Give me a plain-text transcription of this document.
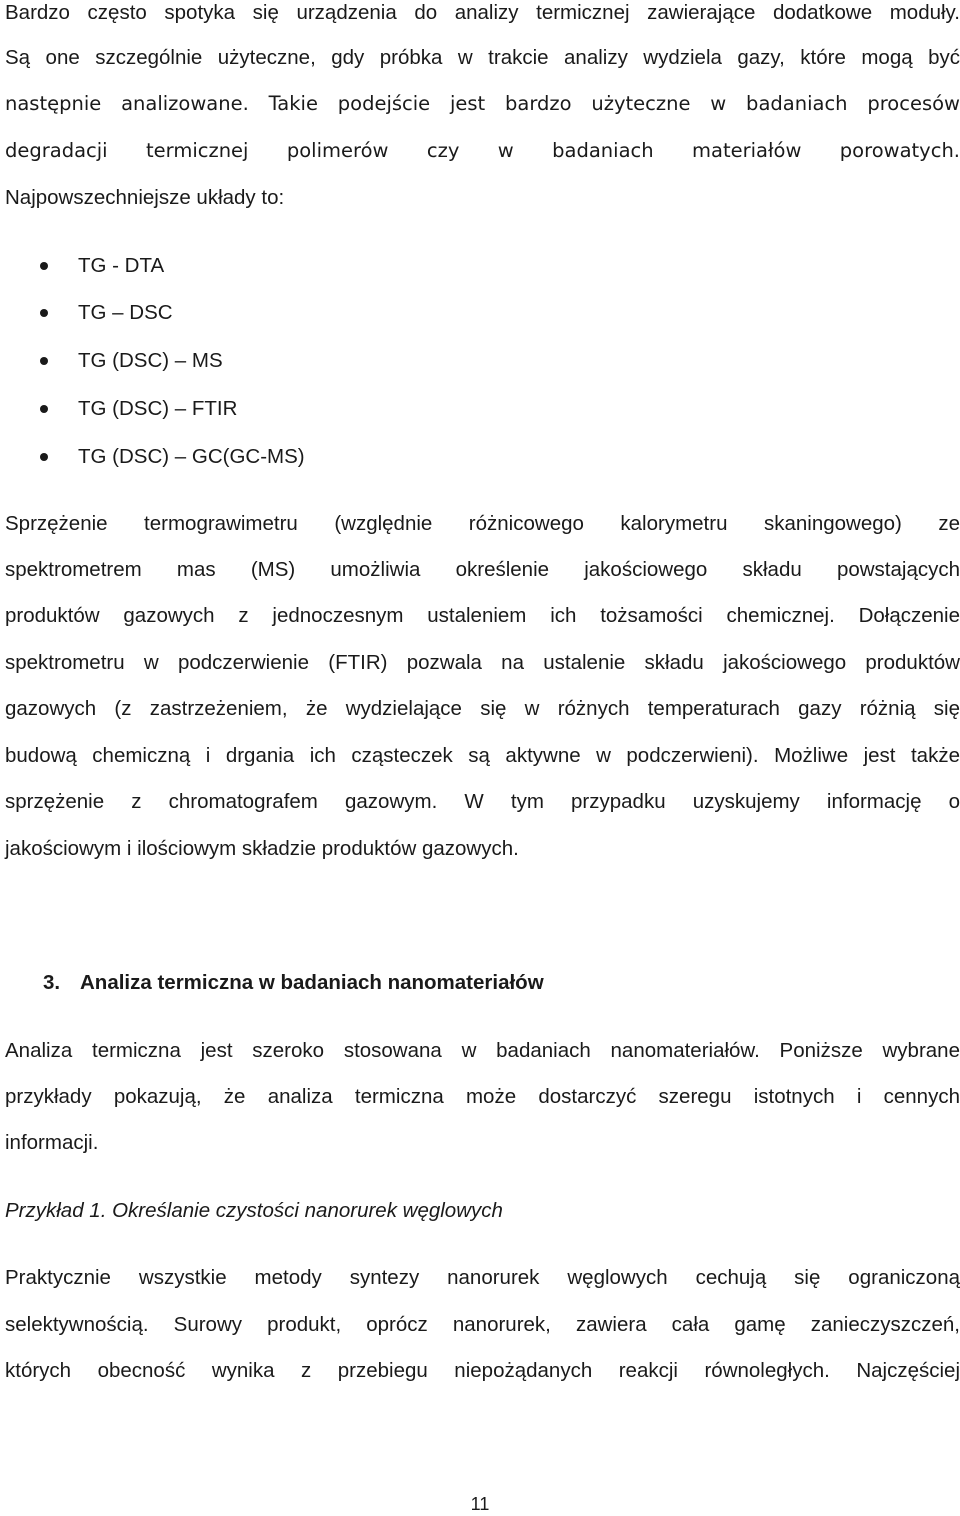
Bardzo często spotyka się urządzenia do analizy termicznej zawierające dodatkowe moduły.
Są one szczególnie użyteczne, gdy próbka w trakcie analizy wydziela gazy, które mogą być
następnie analizowane. Takie podejście jest bardzo użyteczne w badaniach procesów
degradacji termicznej polimerów czy w badaniach materiałów porowatych.
Najpowszechniejsze układy to:
TG - DTA
TG – DSC
TG (DSC) – MS
TG (DSC) – FTIR
TG (DSC) – GC(GC-MS)
Sprzężenie termograwimetru (względnie różnicowego kalorymetru skaningowego) ze
spektrometrem mas (MS) umożliwia określenie jakościowego składu powstających
produktów gazowych z jednoczesnym ustaleniem ich tożsamości chemicznej. Dołączenie
spektrometru w podczerwienie (FTIR) pozwala na ustalenie składu jakościowego produktów
gazowych (z zastrzeżeniem, że wydzielające się w różnych temperaturach gazy różnią się
budową chemiczną i drgania ich cząsteczek są aktywne w podczerwieni). Możliwe jest także
sprzężenie z chromatografem gazowym. W tym przypadku uzyskujemy informację o
jakościowym i ilościowym składzie produktów gazowych.
3. Analiza termiczna w badaniach nanomateriałów
Analiza termiczna jest szeroko stosowana w badaniach nanomateriałów. Poniższe wybrane
przykłady pokazują, że analiza termiczna może dostarczyć szeregu istotnych i cennych
informacji.
Przykład 1. Określanie czystości nanorurek węglowych
Praktycznie wszystkie metody syntezy nanorurek węglowych cechują się ograniczoną
selektywnością. Surowy produkt, oprócz nanorurek, zawiera cała gamę zanieczyszczeń,
których obecność wynika z przebiegu niepożądanych reakcji równoległych. Najczęściej
11
